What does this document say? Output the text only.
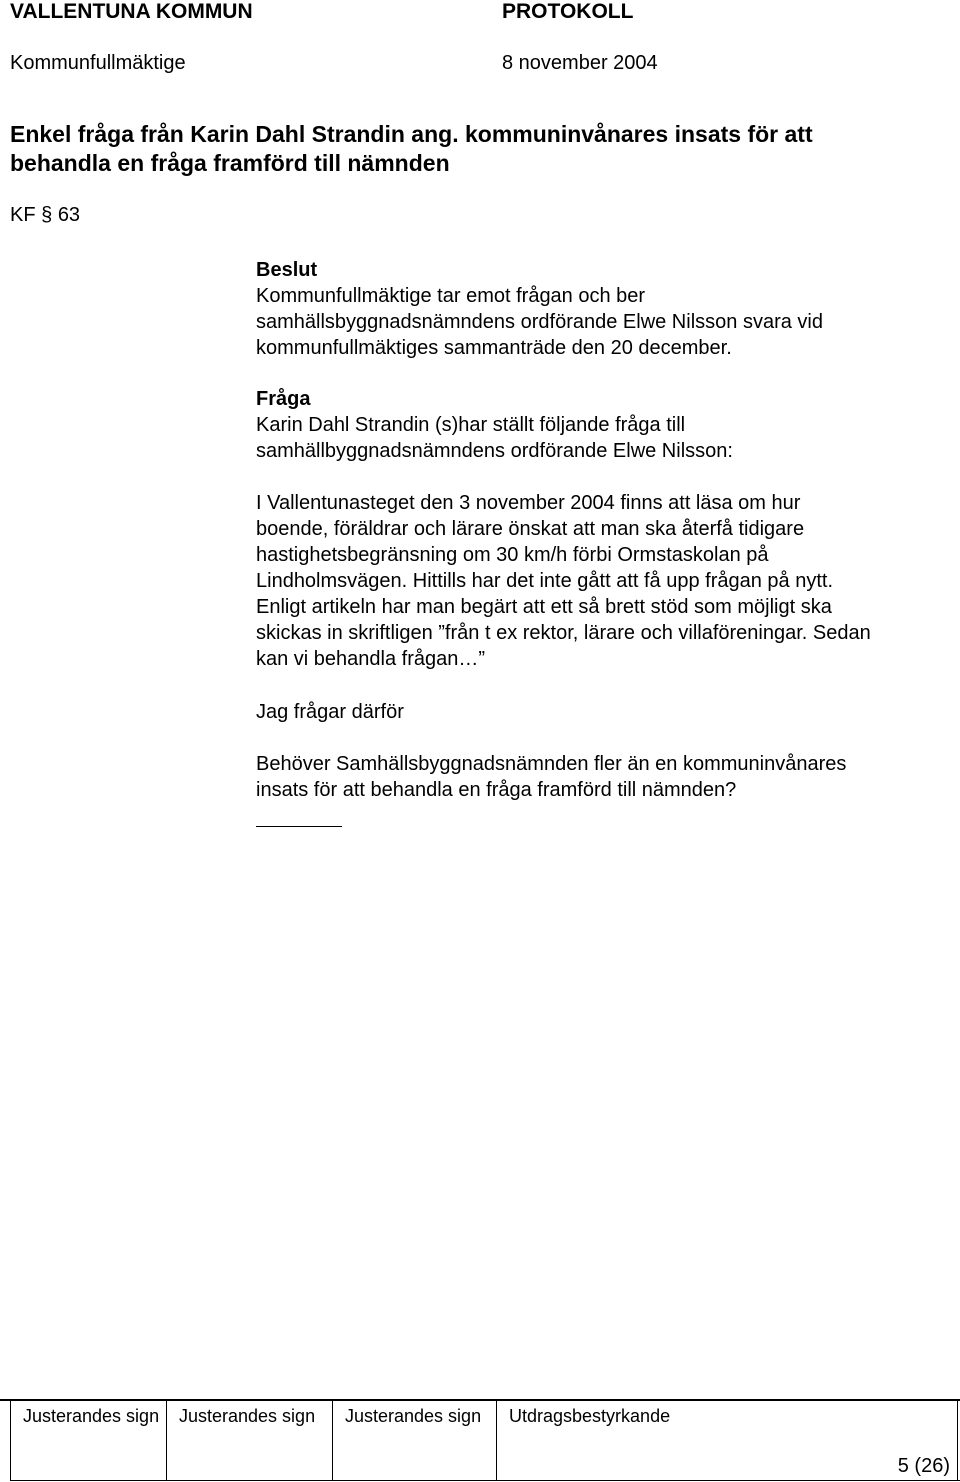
VALLENTUNA KOMMUN	PROTOKOLL
Kommunfullmäktige	8 november 2004
Enkel fråga från Karin Dahl Strandin ang. kommuninvånares insats för att
behandla en fråga framförd till nämnden
KF § 63
Beslut
Kommunfullmäktige tar emot frågan och ber
samhällsbyggnadsnämndens ordförande Elwe Nilsson svara vid
kommunfullmäktiges sammanträde den 20 december.
Fråga
Karin Dahl Strandin (s)har ställt följande fråga till
samhällbyggnadsnämndens ordförande Elwe Nilsson:
I Vallentunasteget den 3 november 2004 finns att läsa om hur
boende, föräldrar och lärare önskat att man ska återfå tidigare
hastighetsbegränsning om 30 km/h förbi Ormstaskolan på
Lindholmsvägen. Hittills har det inte gått att få upp frågan på nytt.
Enligt artikeln har man begärt att ett så brett stöd som möjligt ska
skickas in skriftligen ”från t ex rektor, lärare och villaföreningar. Sedan
kan vi behandla frågan…”
Jag frågar därför
Behöver Samhällsbyggnadsnämnden fler än en kommuninvånares
insats för att behandla en fråga framförd till nämnden?
Justerandes sign	Justerandes sign	Justerandes sign	Utdragsbestyrkande
5 (26)
